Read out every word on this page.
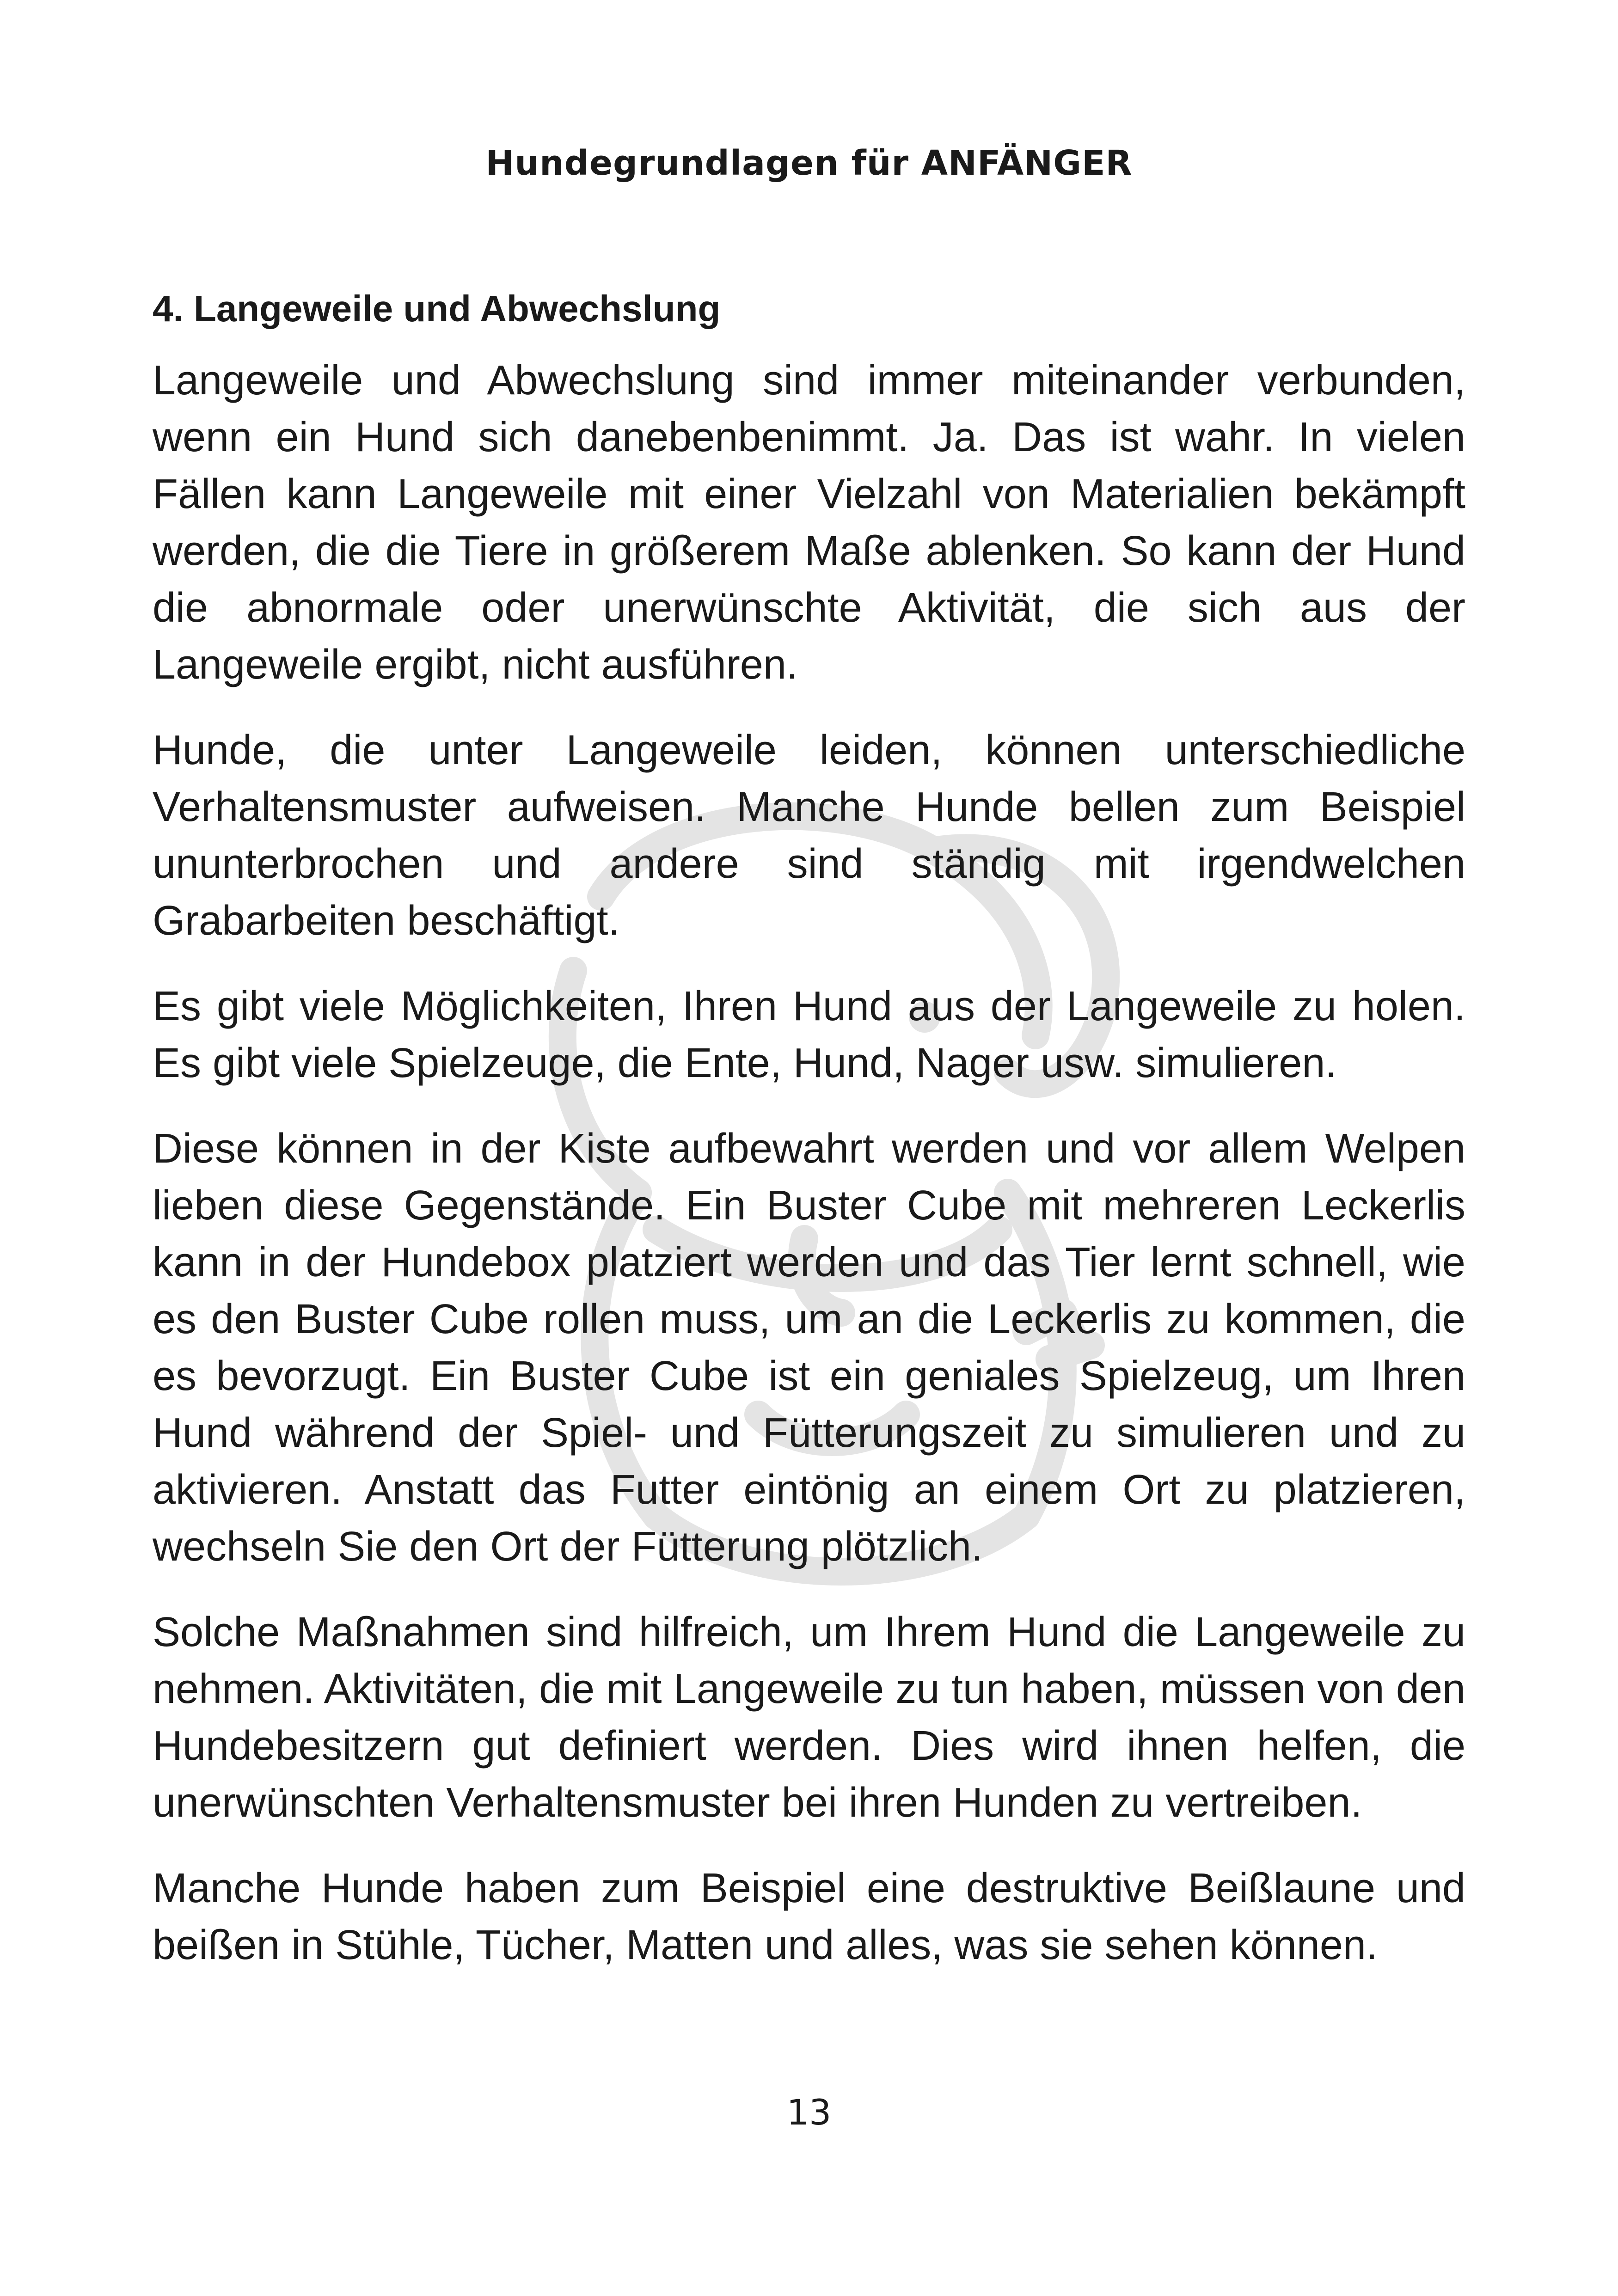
Hundegrundlagen für ANFÄNGER
4. Langeweile und Abwechslung

Langeweile und Abwechslung sind immer miteinander verbunden, wenn ein Hund sich danebenbenimmt. Ja. Das ist wahr. In vielen Fällen kann Langeweile mit einer Vielzahl von Materialien bekämpft werden, die die Tiere in größerem Maße ablenken. So kann der Hund die abnormale oder unerwünschte Aktivität, die sich aus der Langeweile ergibt, nicht ausführen.

Hunde, die unter Langeweile leiden, können unterschiedliche Verhaltensmuster aufweisen. Manche Hunde bellen zum Beispiel ununterbrochen und andere sind ständig mit irgendwelchen Grabarbeiten beschäftigt.

Es gibt viele Möglichkeiten, Ihren Hund aus der Langeweile zu holen. Es gibt viele Spielzeuge, die Ente, Hund, Nager usw. simulieren.

Diese können in der Kiste aufbewahrt werden und vor allem Welpen lieben diese Gegenstände. Ein Buster Cube mit mehreren Leckerlis kann in der Hundebox platziert werden und das Tier lernt schnell, wie es den Buster Cube rollen muss, um an die Leckerlis zu kommen, die es bevorzugt. Ein Buster Cube ist ein geniales Spielzeug, um Ihren Hund während der Spiel- und Fütterungszeit zu simulieren und zu aktivieren. Anstatt das Futter eintönig an einem Ort zu platzieren, wechseln Sie den Ort der Fütterung plötzlich.

Solche Maßnahmen sind hilfreich, um Ihrem Hund die Langeweile zu nehmen. Aktivitäten, die mit Langeweile zu tun haben, müssen von den Hundebesitzern gut definiert werden. Dies wird ihnen helfen, die unerwünschten Verhaltensmuster bei ihren Hunden zu vertreiben.

Manche Hunde haben zum Beispiel eine destruktive Beißlaune und beißen in Stühle, Tücher, Matten und alles, was sie sehen können.

13
